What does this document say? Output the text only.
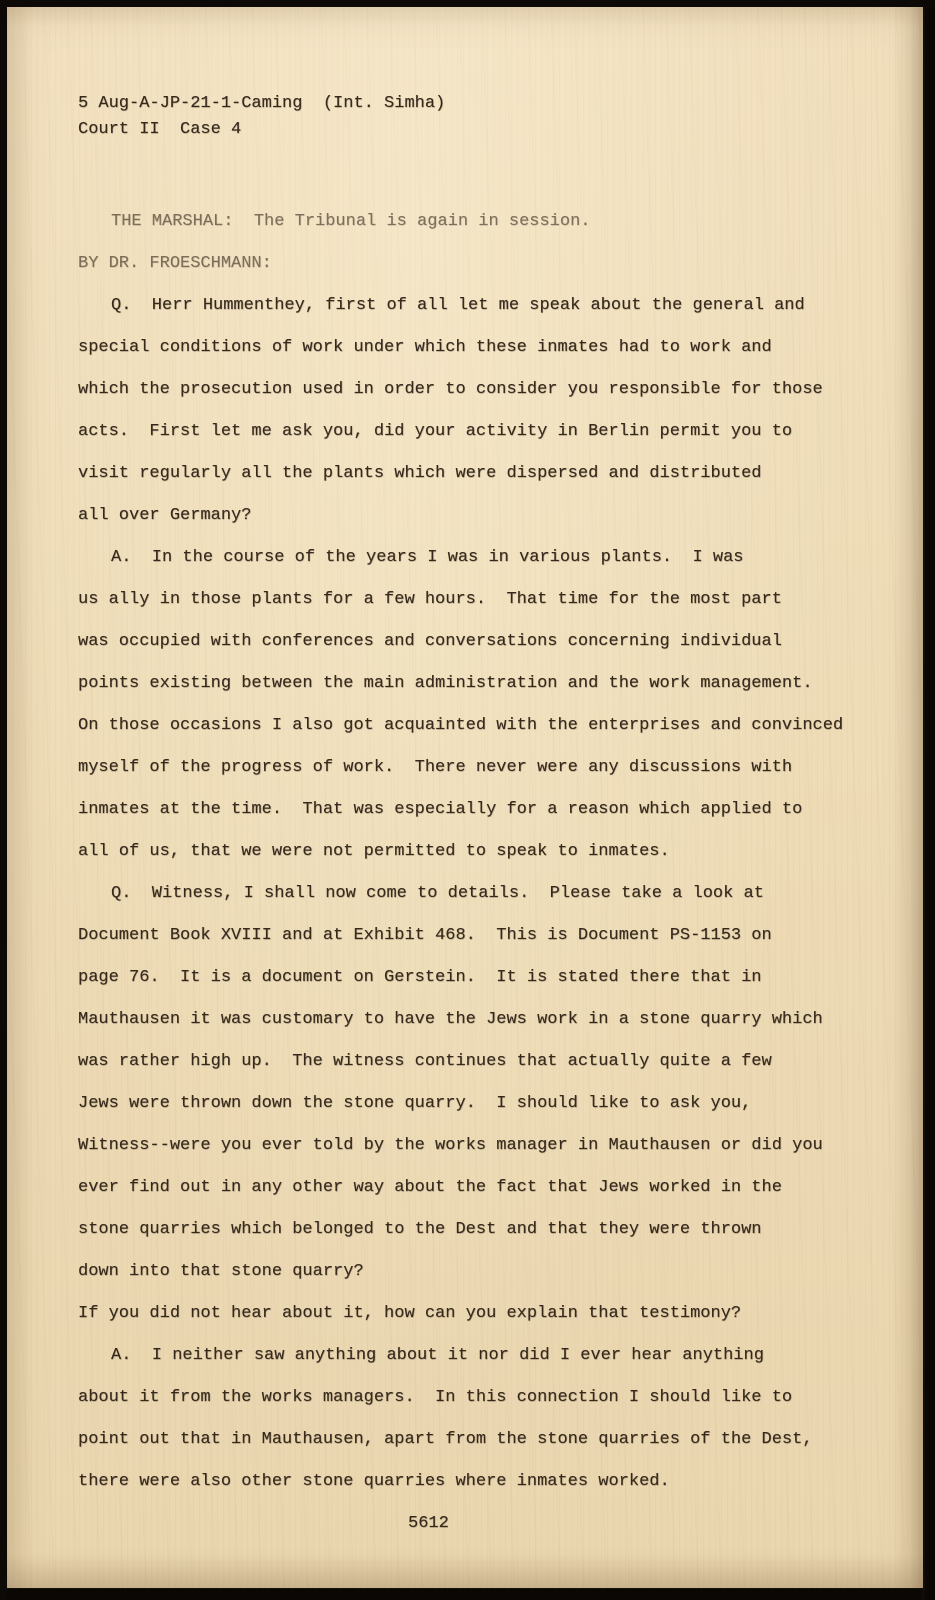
5 Aug-A-JP-21-1-Caming  (Int. Simha)
Court II  Case 4
THE MARSHAL:  The Tribunal is again in session.
BY DR. FROESCHMANN:
Q.  Herr Hummenthey, first of all let me speak about the general and
special conditions of work under which these inmates had to work and
which the prosecution used in order to consider you responsible for those
acts.  First let me ask you, did your activity in Berlin permit you to
visit regularly all the plants which were dispersed and distributed
all over Germany?
A.  In the course of the years I was in various plants.  I was
us ally in those plants for a few hours.  That time for the most part
was occupied with conferences and conversations concerning individual
points existing between the main administration and the work management.
On those occasions I also got acquainted with the enterprises and convinced
myself of the progress of work.  There never were any discussions with
inmates at the time.  That was especially for a reason which applied to
all of us, that we were not permitted to speak to inmates.
Q.  Witness, I shall now come to details.  Please take a look at
Document Book XVIII and at Exhibit 468.  This is Document PS-1153 on
page 76.  It is a document on Gerstein.  It is stated there that in
Mauthausen it was customary to have the Jews work in a stone quarry which
was rather high up.  The witness continues that actually quite a few
Jews were thrown down the stone quarry.  I should like to ask you,
Witness--were you ever told by the works manager in Mauthausen or did you
ever find out in any other way about the fact that Jews worked in the
stone quarries which belonged to the Dest and that they were thrown
down into that stone quarry?
If you did not hear about it, how can you explain that testimony?
A.  I neither saw anything about it nor did I ever hear anything
about it from the works managers.  In this connection I should like to
point out that in Mauthausen, apart from the stone quarries of the Dest,
there were also other stone quarries where inmates worked.
5612
